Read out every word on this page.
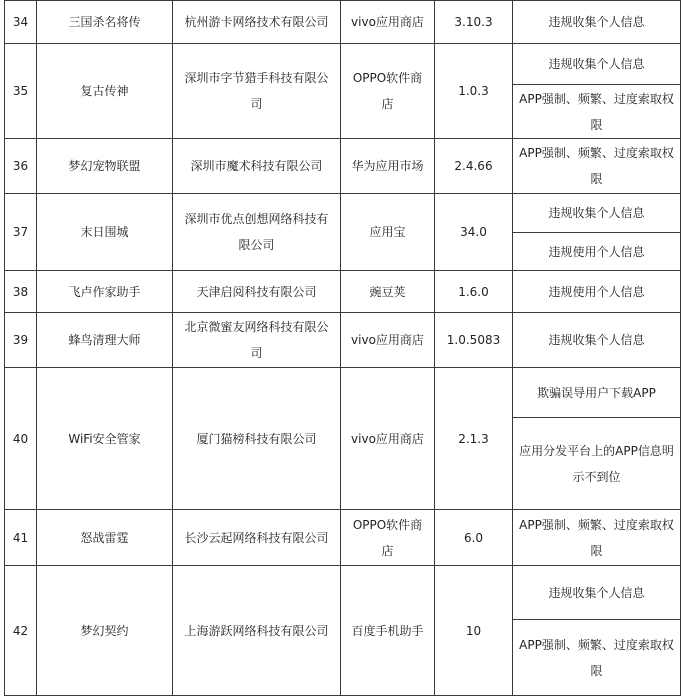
34	三国杀名将传	杭州游卡网络技术有限公司	vivo应用商店	3.10.3	违规收集个人信息
35	复古传神	深圳市字节猎手科技有限公司	OPPO软件商店	1.0.3	违规收集个人信息
					APP强制、频繁、过度索取权限
36	梦幻宠物联盟	深圳市魔术科技有限公司	华为应用市场	2.4.66	APP强制、频繁、过度索取权限
37	末日围城	深圳市优点创想网络科技有限公司	应用宝	34.0	违规收集个人信息
					违规使用个人信息
38	飞卢作家助手	天津启阅科技有限公司	豌豆荚	1.6.0	违规使用个人信息
39	蜂鸟清理大师	北京微蜜友网络科技有限公司	vivo应用商店	1.0.5083	违规收集个人信息
40	WiFi安全管家	厦门猫榜科技有限公司	vivo应用商店	2.1.3	欺骗误导用户下载APP
					应用分发平台上的APP信息明示不到位
41	怒战雷霆	长沙云起网络科技有限公司	OPPO软件商店	6.0	APP强制、频繁、过度索取权限
42	梦幻契约	上海游跃网络科技有限公司	百度手机助手	10	违规收集个人信息
					APP强制、频繁、过度索取权限
